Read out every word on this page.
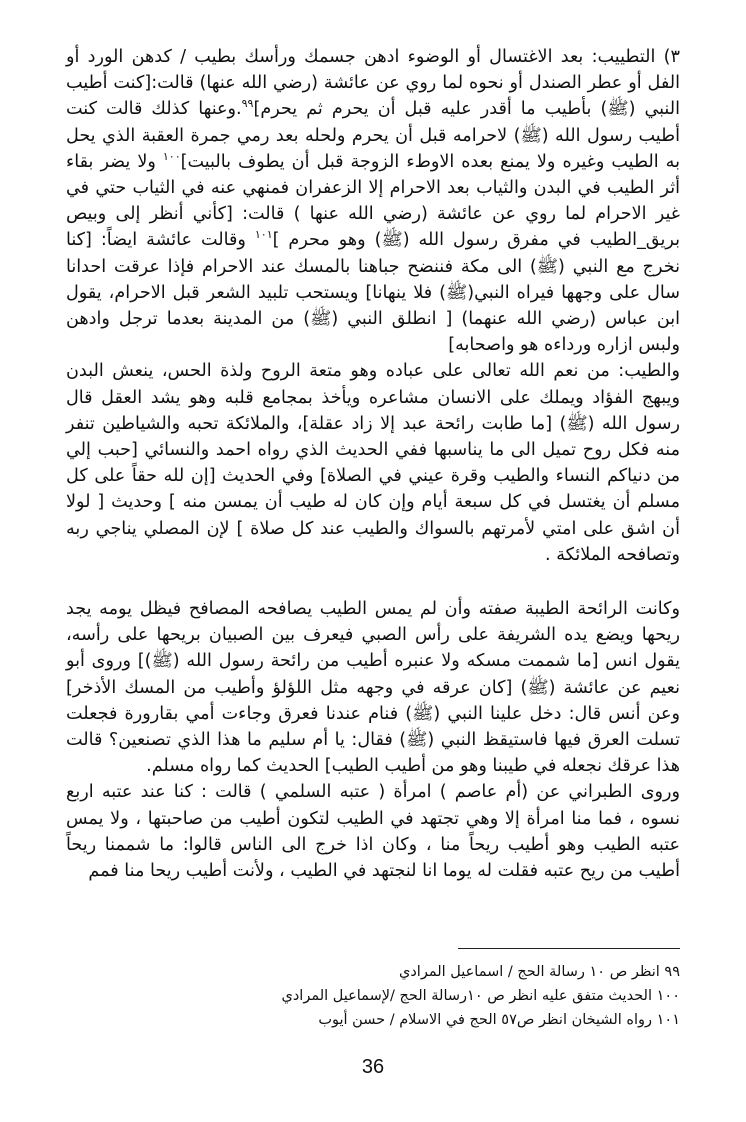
٣) التطييب: بعد الاغتسال أو الوضوء ادهن جسمك ورأسك بطيب / كدهن الورد أو الفل أو عطر الصندل أو نحوه لما روي عن عائشة (رضي الله عنها) قالت:[كنت أطيب النبي (ﷺ) بأطيب ما أقدر عليه قبل أن يحرم ثم يحرم]$^{٩٩}$.وعنها كذلك قالت كنت أطيب رسول الله (ﷺ) لاحرامه قبل أن يحرم ولحله بعد رمي جمرة العقبة الذي يحل به الطيب وغيره ولا يمنع بعده الاوطء الزوجة قبل أن يطوف بالبيت]$^{١٠٠}$ ولا يضر بقاء أثر الطيب في البدن والثياب بعد الاحرام إلا الزعفران فمنهي عنه في الثياب حتي في غير الاحرام لما روي عن عائشة (رضي الله عنها ) قالت: [كأني أنظر إلى وبيص بريق_الطيب في مفرق رسول الله (ﷺ) وهو محرم ]$^{١٠١}$ وقالت عائشة ايضاً: [كنا نخرج مع النبي (ﷺ) الى مكة فننضح جباهنا بالمسك عند الاحرام فإذا عرقت احدانا سال على وجهها فيراه النبي(ﷺ) فلا ينهانا] ويستحب تلبيد الشعر قبل الاحرام، يقول ابن عباس (رضي الله عنهما) [ انطلق النبي (ﷺ) من المدينة بعدما ترجل وادهن ولبس ازاره ورداءه هو واصحابه]

والطيب: من نعم الله تعالى على عباده وهو متعة الروح ولذة الحس، ينعش البدن ويبهج الفؤاد ويملك على الانسان مشاعره ويأخذ بمجامع قلبه وهو يشد العقل قال رسول الله (ﷺ) [ما طابت رائحة عبد إلا زاد عقلة]، والملائكة تحبه والشياطين تنفر منه فكل روح تميل الى ما يناسبها ففي الحديث الذي رواه احمد والنسائي [حبب إلي من دنياكم النساء والطيب وقرة عيني في الصلاة] وفي الحديث [إن لله حقاً على كل مسلم أن يغتسل في كل سبعة أيام وإن كان له طيب أن يمسن منه ] وحديث [ لولا أن اشق على امتي لأمرتهم بالسواك والطيب عند كل صلاة ] لإن المصلي يناجي ربه وتصافحه الملائكة .

وكانت الرائحة الطيبة صفته وأن لم يمس الطيب يصافحه المصافح فيظل يومه يجد ريحها ويضع يده الشريفة على رأس الصبي فيعرف بين الصبيان بريحها على رأسه، يقول انس [ما شممت مسكه ولا عنبره أطيب من رائحة رسول الله (ﷺ)] وروى أبو نعيم عن عائشة (ﷺ) [كان عرقه في وجهه مثل اللؤلؤ وأطيب من المسك الأذخر] وعن أنس قال: دخل علينا النبي (ﷺ) فنام عندنا فعرق وجاءت أمي بقارورة فجعلت تسلت العرق فيها فاستيقظ النبي (ﷺ) فقال: يا أم سليم ما هذا الذي تصنعين؟ قالت هذا عرقك نجعله في طيبنا وهو من أطيب الطيب] الحديث كما رواه مسلم.

وروى الطبراني عن (أم عاصم ) امرأة ( عتبه السلمي ) قالت : كنا عند عتبه اربع نسوه ، فما منا امرأة إلا وهي تجتهد في الطيب لتكون أطيب من صاحبتها ، ولا يمس عتبه الطيب وهو أطيب ريحاً منا ، وكان اذا خرج الى الناس قالوا: ما شممنا ريحاً أطيب من ريح عتبه فقلت له يوما انا لنجتهد في الطيب ، ولأنت أطيب ريحا منا فمم

٩٩ انظر ص ١٠ رسالة الحج / اسماعيل المرادي
١٠٠ الحديث متفق عليه انظر ص ١٠رسالة الحج /لإسماعيل المرادي
١٠١ رواه الشيخان انظر ص٥٧ الحج في الاسلام / حسن أيوب
36
